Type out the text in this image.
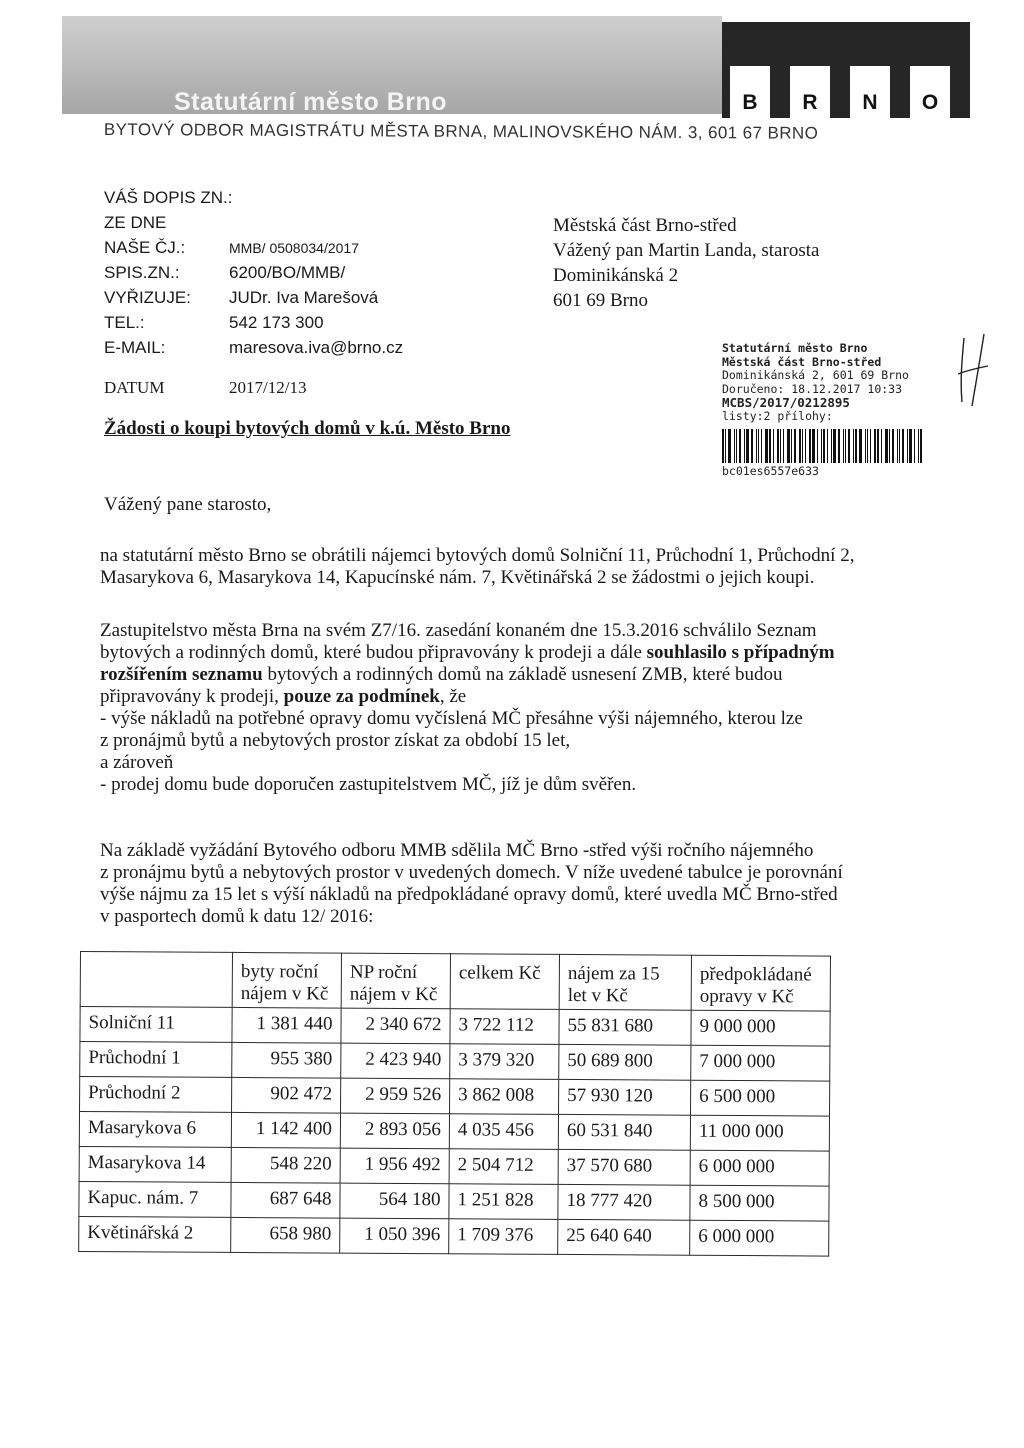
Statutární město Brno	B	R	N	O
BYTOVÝ ODBOR MAGISTRÁTU MĚSTA BRNA, MALINOVSKÉHO NÁM. 3, 601 67 BRNO
VÁŠ DOPIS ZN.:
ZE DNE
NAŠE ČJ.:	MMB/ 0508034/2017
SPIS.ZN.:	6200/BO/MMB/
VYŘIZUJE: JUDr. Iva Marešová
TEL.:	542 173 300
E-MAIL:	maresova.iva@brno.cz
DATUM	2017/12/13
Městská část Brno-střed
Vážený pan Martin Landa, starosta
Dominikánská 2
601 69 Brno
Statutární město Brno
Městská část Brno-střed
Dominikánská 2, 601 69 Brno
Doručeno: 18.12.2017 10:33
MCBS/2017/0212895
listy:2 přílohy:
bc01es6557e633
Žádosti o koupi bytových domů v k.ú. Město Brno
Vážený pane starosto,
na statutární město Brno se obrátili nájemci bytových domů Solniční 11, Průchodní 1, Průchodní 2,
Masarykova 6, Masarykova 14, Kapucínské nám. 7, Květinářská 2 se žádostmi o jejich koupi.
Zastupitelstvo města Brna na svém Z7/16. zasedání konaném dne 15.3.2016 schválilo Seznam
bytových a rodinných domů, které budou připravovány k prodeji a dále souhlasilo s případným
rozšířením seznamu bytových a rodinných domů na základě usnesení ZMB, které budou
připravovány k prodeji, pouze za podmínek, že
- výše nákladů na potřebné opravy domu vyčíslená MČ přesáhne výši nájemného, kterou lze
z pronájmů bytů a nebytových prostor získat za období 15 let,
a zároveň
- prodej domu bude doporučen zastupitelstvem MČ, jíž je dům svěřen.
Na základě vyžádání Bytového odboru MMB sdělila MČ Brno -střed výši ročního nájemného
z pronájmu bytů a nebytových prostor v uvedených domech. V níže uvedené tabulce je porovnání
výše nájmu za 15 let s výší nákladů na předpokládané opravy domů, které uvedla MČ Brno-střed
v pasportech domů k datu 12/ 2016:
	byty roční nájem v Kč	NP roční nájem v Kč	celkem Kč	nájem za 15 let v Kč	předpokládané opravy v Kč
Solniční 11	1 381 440	2 340 672	3 722 112	55 831 680	9 000 000
Průchodní 1	955 380	2 423 940	3 379 320	50 689 800	7 000 000
Průchodní 2	902 472	2 959 526	3 862 008	57 930 120	6 500 000
Masarykova 6	1 142 400	2 893 056	4 035 456	60 531 840	11 000 000
Masarykova 14	548 220	1 956 492	2 504 712	37 570 680	6 000 000
Kapuc. nám. 7	687 648	564 180	1 251 828	18 777 420	8 500 000
Květinářská 2	658 980	1 050 396	1 709 376	25 640 640	6 000 000
